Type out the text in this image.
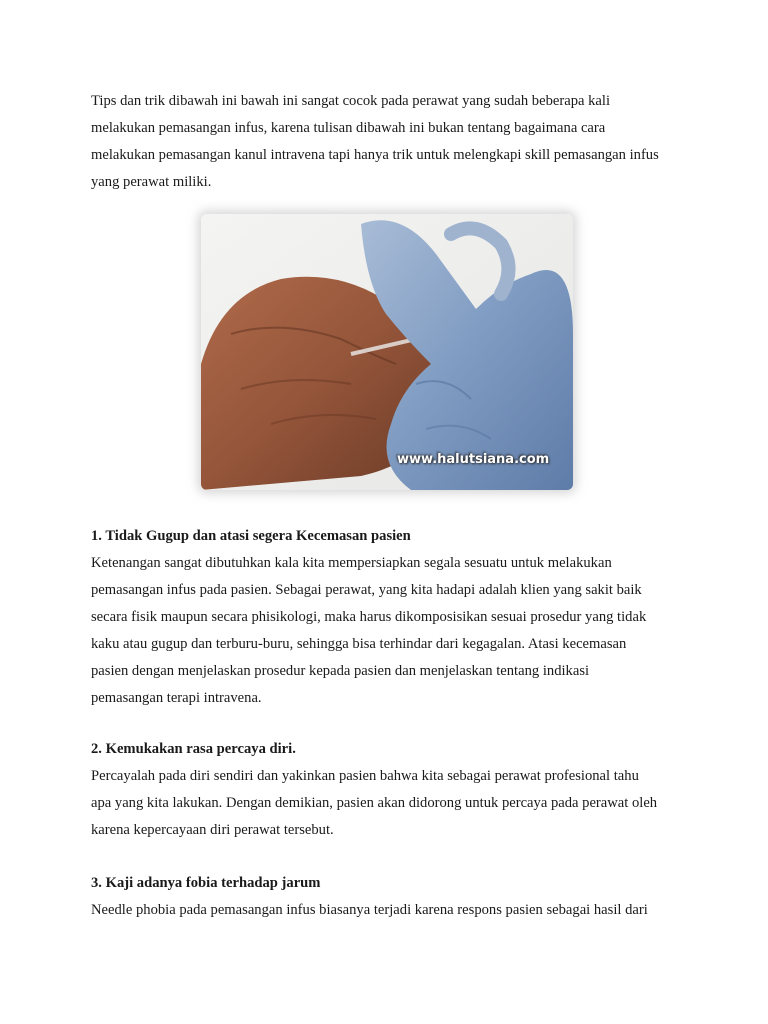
Tips dan trik dibawah ini bawah ini sangat cocok pada perawat yang sudah beberapa kali
melakukan pemasangan infus, karena tulisan dibawah ini bukan tentang bagaimana cara
melakukan pemasangan kanul intravena tapi hanya trik untuk melengkapi skill pemasangan infus
yang perawat miliki.

www.halutsiana.com

1. Tidak Gugup dan atasi segera Kecemasan pasien
Ketenangan sangat dibutuhkan kala kita mempersiapkan segala sesuatu untuk melakukan
pemasangan infus pada pasien. Sebagai perawat, yang kita hadapi adalah klien yang sakit baik
secara fisik maupun secara phisikologi, maka harus dikomposisikan sesuai prosedur yang tidak
kaku atau gugup dan terburu-buru, sehingga bisa terhindar dari kegagalan. Atasi kecemasan
pasien dengan menjelaskan prosedur kepada pasien dan menjelaskan tentang indikasi
pemasangan terapi intravena.

2. Kemukakan rasa percaya diri.
Percayalah pada diri sendiri dan yakinkan pasien bahwa kita sebagai perawat profesional tahu
apa yang kita lakukan. Dengan demikian, pasien akan didorong untuk percaya pada perawat oleh
karena kepercayaan diri perawat tersebut.

3. Kaji adanya fobia terhadap jarum
Needle phobia pada pemasangan infus biasanya terjadi karena respons pasien sebagai hasil dari
